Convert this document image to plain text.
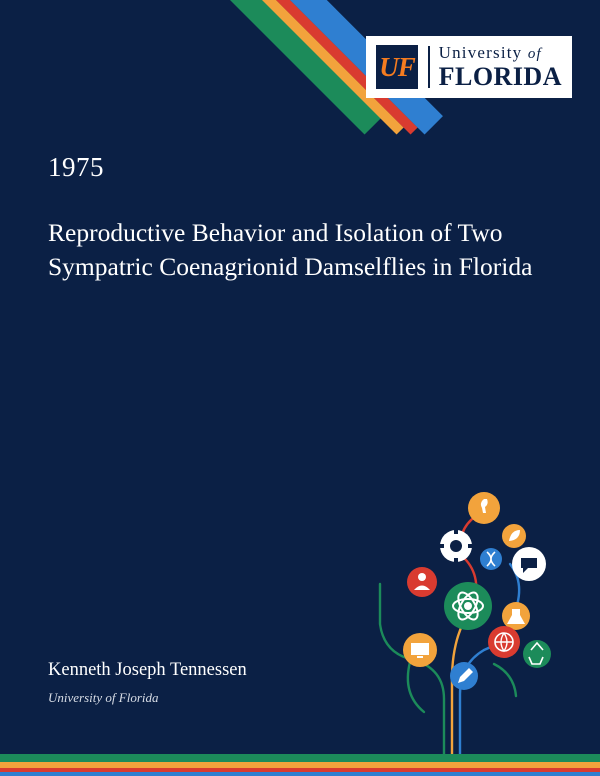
UF University of
FLORIDA
1975
Reproductive Behavior and Isolation of Two Sympatric Coenagrionid Damselflies in Florida
Kenneth Joseph Tennessen
University of Florida
